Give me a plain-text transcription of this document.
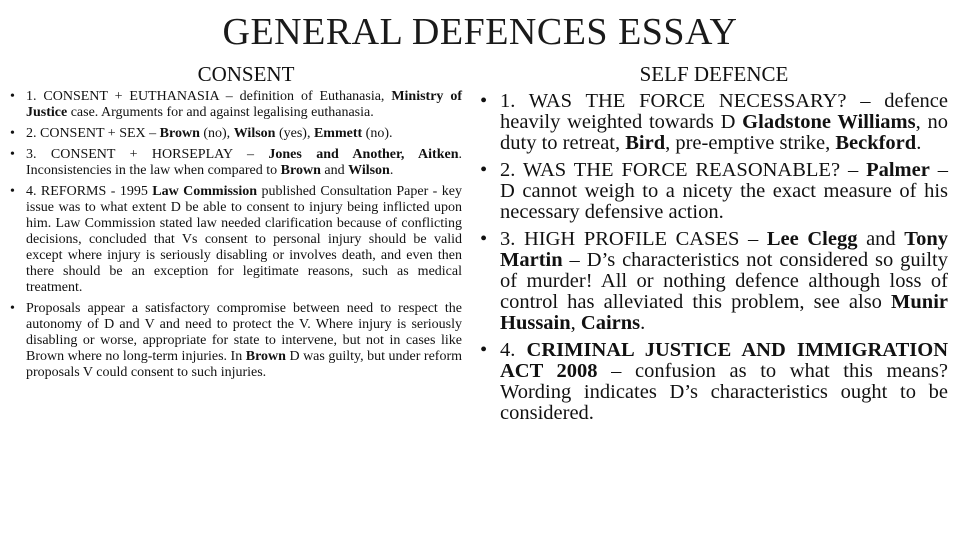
GENERAL DEFENCES ESSAY
CONSENT
• 1. CONSENT + EUTHANASIA – definition of Euthanasia, Ministry of Justice case. Arguments for and against legalising euthanasia.
• 2. CONSENT + SEX – Brown (no), Wilson (yes), Emmett (no).
• 3. CONSENT + HORSEPLAY – Jones and Another, Aitken. Inconsistencies in the law when compared to Brown and Wilson.
• 4. REFORMS - 1995 Law Commission published Consultation Paper - key issue was to what extent D be able to consent to injury being inflicted upon him. Law Commission stated law needed clarification because of conflicting decisions, concluded that Vs consent to personal injury should be valid except where injury is seriously disabling or involves death, and even then there should be an exception for legitimate reasons, such as medical treatment.
• Proposals appear a satisfactory compromise between need to respect the autonomy of D and V and need to protect the V. Where injury is seriously disabling or worse, appropriate for state to intervene, but not in cases like Brown where no long-term injuries. In Brown D was guilty, but under reform proposals V could consent to such injuries.
SELF DEFENCE
• 1. WAS THE FORCE NECESSARY? – defence heavily weighted towards D Gladstone Williams, no duty to retreat, Bird, pre-emptive strike, Beckford.
• 2. WAS THE FORCE REASONABLE? – Palmer – D cannot weigh to a nicety the exact measure of his necessary defensive action.
• 3. HIGH PROFILE CASES – Lee Clegg and Tony Martin – D’s characteristics not considered so guilty of murder! All or nothing defence although loss of control has alleviated this problem, see also Munir Hussain, Cairns.
• 4. CRIMINAL JUSTICE AND IMMIGRATION ACT 2008 – confusion as to what this means? Wording indicates D’s characteristics ought to be considered.
